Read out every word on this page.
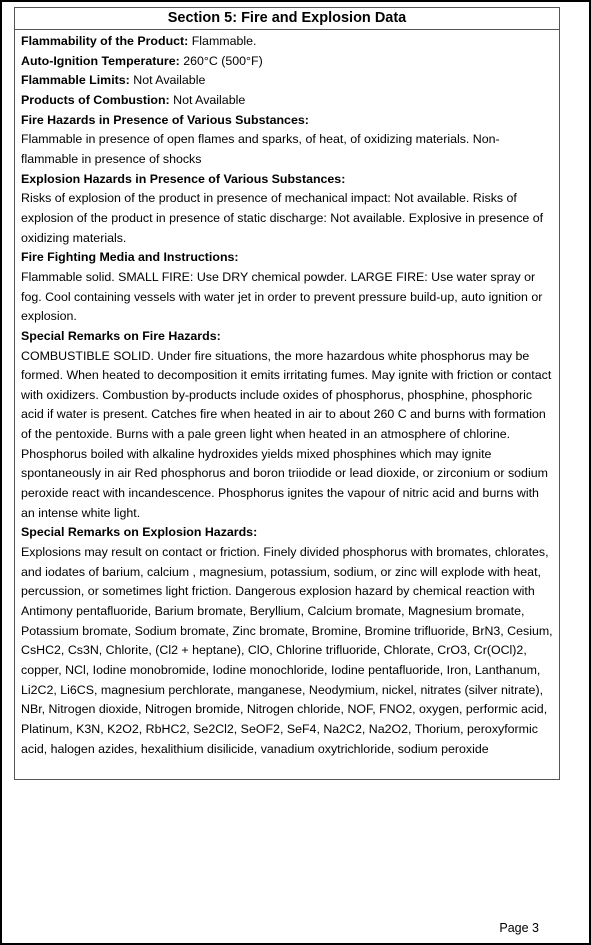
Section 5: Fire and Explosion Data
Flammability of the Product: Flammable.
Auto-Ignition Temperature: 260°C (500°F)
Flammable Limits: Not Available
Products of Combustion: Not Available
Fire Hazards in Presence of Various Substances:

Flammable in presence of open flames and sparks, of heat, of oxidizing materials. Non-flammable in presence of shocks

Explosion Hazards in Presence of Various Substances:

Risks of explosion of the product in presence of mechanical impact: Not available. Risks of explosion of the product in presence of static discharge: Not available. Explosive in presence of oxidizing materials.

Fire Fighting Media and Instructions:

Flammable solid. SMALL FIRE: Use DRY chemical powder. LARGE FIRE: Use water spray or fog. Cool containing vessels with water jet in order to prevent pressure build-up, auto ignition or explosion.

Special Remarks on Fire Hazards:

COMBUSTIBLE SOLID. Under fire situations, the more hazardous white phosphorus may be formed. When heated to decomposition it emits irritating fumes. May ignite with friction or contact with oxidizers. Combustion by-products include oxides of phosphorus, phosphine, phosphoric acid if water is present. Catches fire when heated in air to about 260 C and burns with formation of the pentoxide. Burns with a pale green light when heated in an atmosphere of chlorine. Phosphorus boiled with alkaline hydroxides yields mixed phosphines which may ignite spontaneously in air Red phosphorus and boron triiodide or lead dioxide, or zirconium or sodium peroxide react with incandescence. Phosphorus ignites the vapour of nitric acid and burns with an intense white light.

Special Remarks on Explosion Hazards:

Explosions may result on contact or friction. Finely divided phosphorus with bromates, chlorates, and iodates of barium, calcium , magnesium, potassium, sodium, or zinc will explode with heat, percussion, or sometimes light friction. Dangerous explosion hazard by chemical reaction with Antimony pentafluoride, Barium bromate, Beryllium, Calcium bromate, Magnesium bromate, Potassium bromate, Sodium bromate, Zinc bromate, Bromine, Bromine trifluoride, BrN3, Cesium, CsHC2, Cs3N, Chlorite, (Cl2 + heptane), ClO, Chlorine trifluoride, Chlorate, CrO3, Cr(OCl)2, copper, NCl, Iodine monobromide, Iodine monochloride, Iodine pentafluoride, Iron, Lanthanum, Li2C2, Li6CS, magnesium perchlorate, manganese, Neodymium, nickel, nitrates (silver nitrate), NBr, Nitrogen dioxide, Nitrogen bromide, Nitrogen chloride, NOF, FNO2, oxygen, performic acid, Platinum, K3N, K2O2, RbHC2, Se2Cl2, SeOF2, SeF4, Na2C2, Na2O2, Thorium, peroxyformic acid, halogen azides, hexalithium disilicide, vanadium oxytrichloride, sodium peroxide

Page 3
